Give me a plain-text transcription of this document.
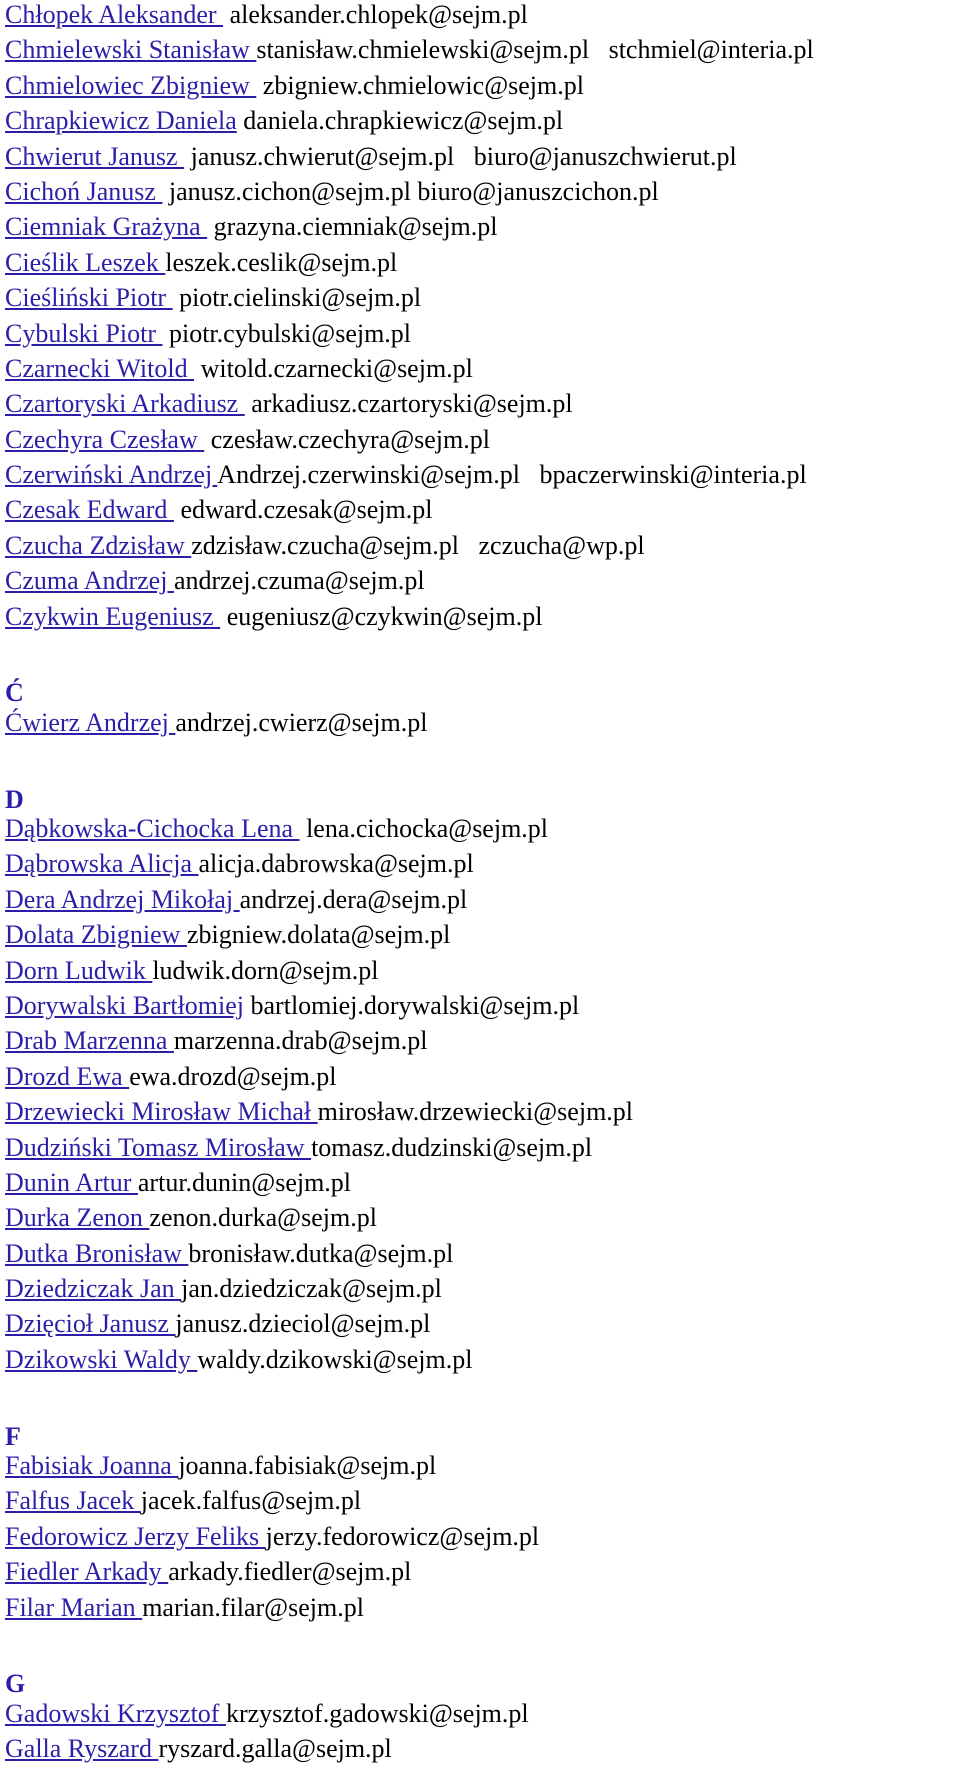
Chłopek Aleksander  aleksander.chlopek@sejm.pl
Chmielewski Stanisław stanisław.chmielewski@sejm.pl stchmiel@interia.pl
Chmielowiec Zbigniew  zbigniew.chmielowic@sejm.pl
Chrapkiewicz Daniela daniela.chrapkiewicz@sejm.pl
Chwierut Janusz  janusz.chwierut@sejm.pl biuro@januszchwierut.pl
Cichoń Janusz  janusz.cichon@sejm.pl biuro@januszcichon.pl
Ciemniak Grażyna  grazyna.ciemniak@sejm.pl
Cieślik Leszek leszek.ceslik@sejm.pl
Cieśliński Piotr  piotr.cielinski@sejm.pl
Cybulski Piotr  piotr.cybulski@sejm.pl
Czarnecki Witold  witold.czarnecki@sejm.pl
Czartoryski Arkadiusz  arkadiusz.czartoryski@sejm.pl
Czechyra Czesław  czesław.czechyra@sejm.pl
Czerwiński Andrzej Andrzej.czerwinski@sejm.pl bpaczerwinski@interia.pl
Czesak Edward  edward.czesak@sejm.pl
Czucha Zdzisław zdzisław.czucha@sejm.pl zczucha@wp.pl
Czuma Andrzej andrzej.czuma@sejm.pl
Czykwin Eugeniusz  eugeniusz@czykwin@sejm.pl
Ć
Ćwierz Andrzej andrzej.cwierz@sejm.pl
D
Dąbkowska-Cichocka Lena  lena.cichocka@sejm.pl
Dąbrowska Alicja alicja.dabrowska@sejm.pl
Dera Andrzej Mikołaj andrzej.dera@sejm.pl
Dolata Zbigniew zbigniew.dolata@sejm.pl
Dorn Ludwik ludwik.dorn@sejm.pl
Dorywalski Bartłomiej bartlomiej.dorywalski@sejm.pl
Drab Marzenna marzenna.drab@sejm.pl
Drozd Ewa ewa.drozd@sejm.pl
Drzewiecki Mirosław Michał mirosław.drzewiecki@sejm.pl
Dudziński Tomasz Mirosław tomasz.dudzinski@sejm.pl
Dunin Artur artur.dunin@sejm.pl
Durka Zenon zenon.durka@sejm.pl
Dutka Bronisław bronisław.dutka@sejm.pl
Dziedziczak Jan jan.dziedziczak@sejm.pl
Dzięcioł Janusz janusz.dzieciol@sejm.pl
Dzikowski Waldy waldy.dzikowski@sejm.pl
F
Fabisiak Joanna joanna.fabisiak@sejm.pl
Falfus Jacek jacek.falfus@sejm.pl
Fedorowicz Jerzy Feliks jerzy.fedorowicz@sejm.pl
Fiedler Arkady arkady.fiedler@sejm.pl
Filar Marian marian.filar@sejm.pl
G
Gadowski Krzysztof krzysztof.gadowski@sejm.pl
Galla Ryszard ryszard.galla@sejm.pl
